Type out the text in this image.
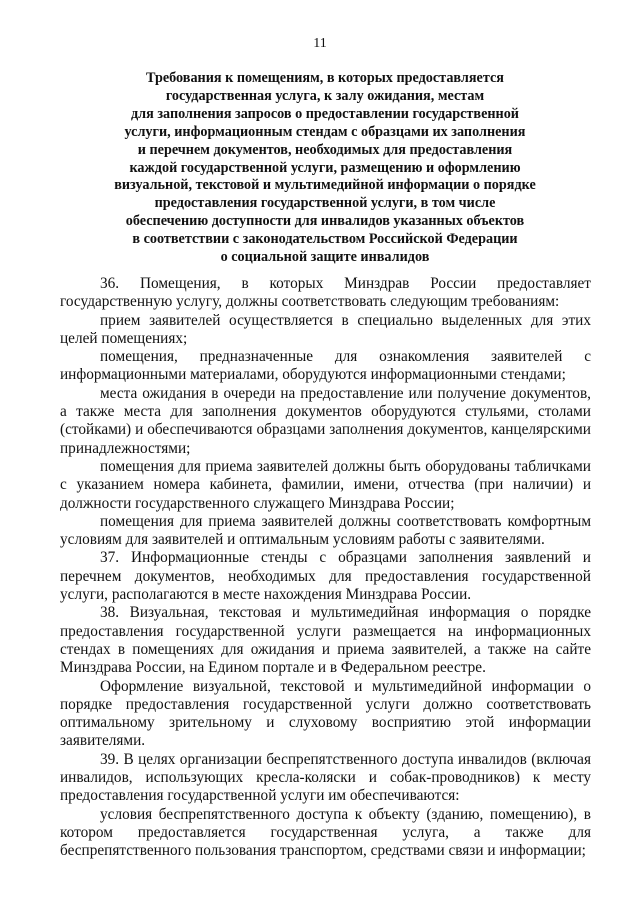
11
Требования к помещениям, в которых предоставляется
государственная услуга, к залу ожидания, местам
для заполнения запросов о предоставлении государственной
услуги, информационным стендам с образцами их заполнения
и перечнем документов, необходимых для предоставления
каждой государственной услуги, размещению и оформлению
визуальной, текстовой и мультимедийной информации о порядке
предоставления государственной услуги, в том числе
обеспечению доступности для инвалидов указанных объектов
в соответствии с законодательством Российской Федерации
о социальной защите инвалидов

36. Помещения, в которых Минздрав России предоставляет государственную услугу, должны соответствовать следующим требованиям:

прием заявителей осуществляется в специально выделенных для этих целей помещениях;

помещения, предназначенные для ознакомления заявителей с информационными материалами, оборудуются информационными стендами;

места ожидания в очереди на предоставление или получение документов, а также места для заполнения документов оборудуются стульями, столами (стойками) и обеспечиваются образцами заполнения документов, канцелярскими принадлежностями;

помещения для приема заявителей должны быть оборудованы табличками с указанием номера кабинета, фамилии, имени, отчества (при наличии) и должности государственного служащего Минздрава России;

помещения для приема заявителей должны соответствовать комфортным условиям для заявителей и оптимальным условиям работы с заявителями.

37. Информационные стенды с образцами заполнения заявлений и перечнем документов, необходимых для предоставления государственной услуги, располагаются в месте нахождения Минздрава России.

38. Визуальная, текстовая и мультимедийная информация о порядке предоставления государственной услуги размещается на информационных стендах в помещениях для ожидания и приема заявителей, а также на сайте Минздрава России, на Едином портале и в Федеральном реестре.

Оформление визуальной, текстовой и мультимедийной информации о порядке предоставления государственной услуги должно соответствовать оптимальному зрительному и слуховому восприятию этой информации заявителями.

39. В целях организации беспрепятственного доступа инвалидов (включая инвалидов, использующих кресла-коляски и собак-проводников) к месту предоставления государственной услуги им обеспечиваются:

условия беспрепятственного доступа к объекту (зданию, помещению), в котором предоставляется государственная услуга, а также для беспрепятственного пользования транспортом, средствами связи и информации;
